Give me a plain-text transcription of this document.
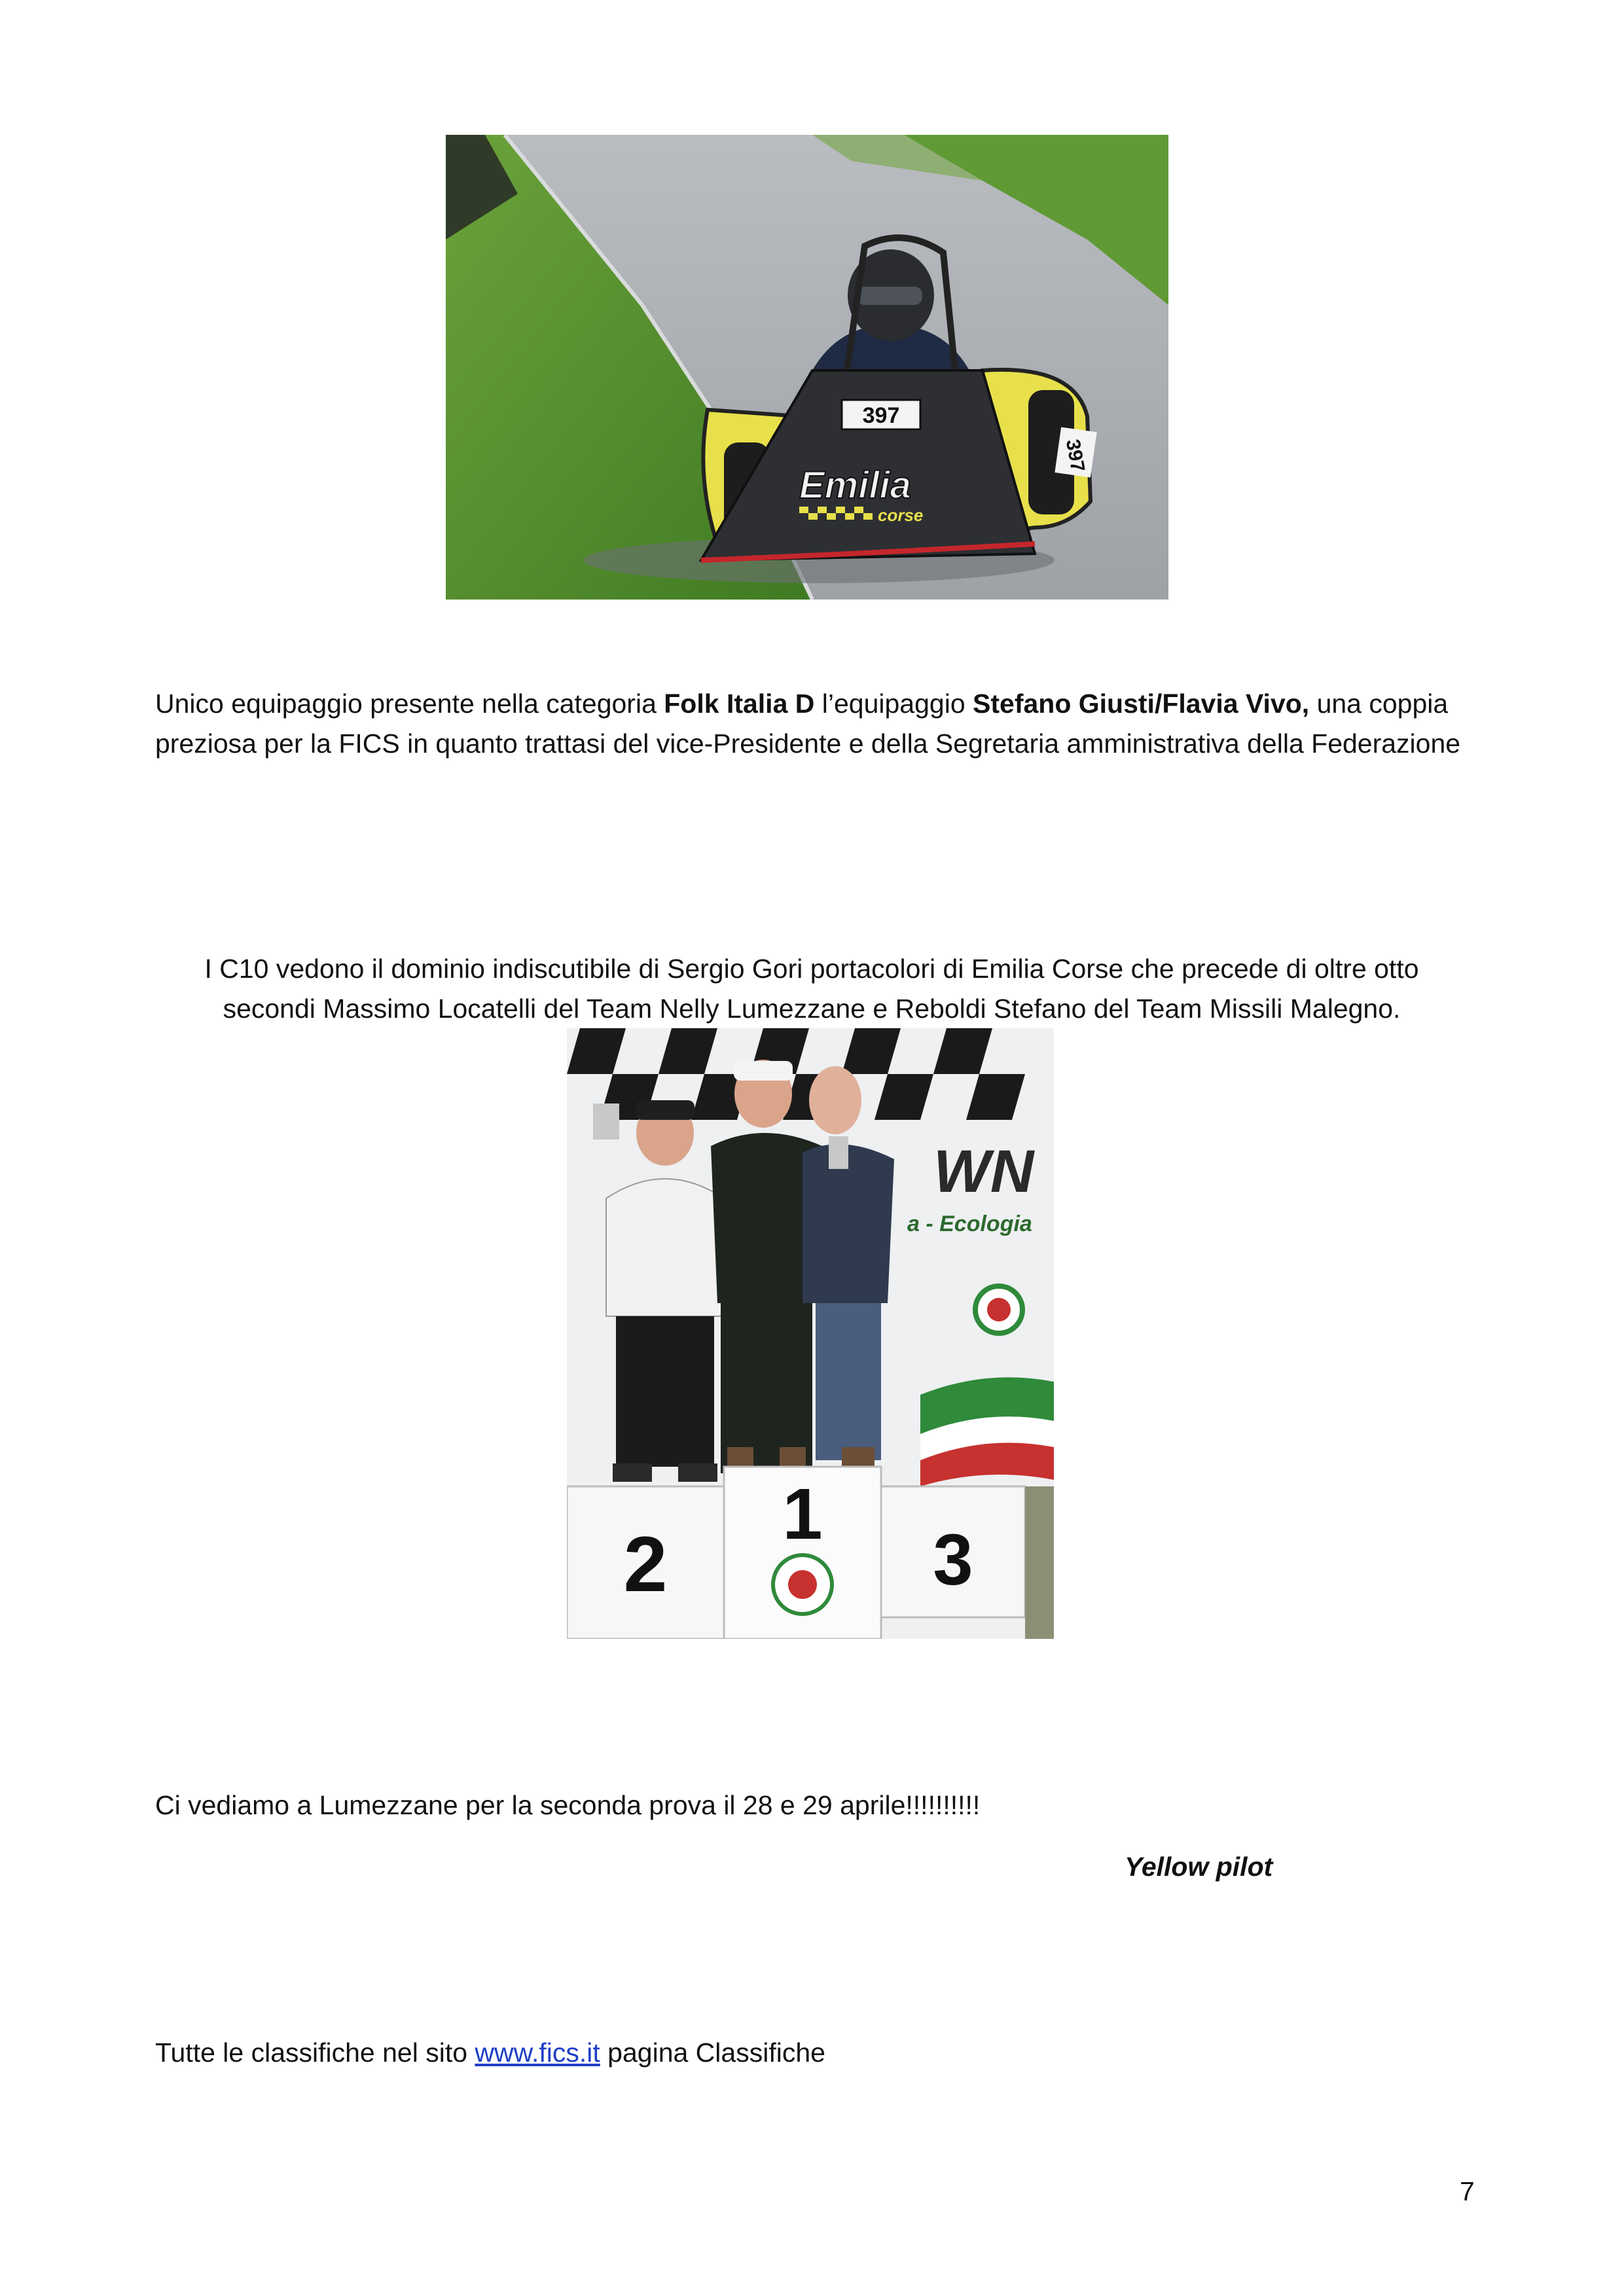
397
397
Emilia
corse

Unico equipaggio presente nella categoria Folk Italia D l’equipaggio Stefano Giusti/Flavia Vivo, una coppia preziosa per la FICS in quanto trattasi del vice-Presidente e della Segretaria amministrativa della Federazione

I C10 vedono il dominio indiscutibile di Sergio Gori portacolori di Emilia Corse che precede di oltre otto
secondi Massimo Locatelli del Team Nelly Lumezzane e Reboldi Stefano del Team Missili Malegno.

WN
a - Ecologia
2
1
3

Ci vediamo a Lumezzane per la seconda prova il 28 e 29 aprile!!!!!!!!!!

Yellow pilot

Tutte le classifiche nel sito www.fics.it pagina Classifiche

7
